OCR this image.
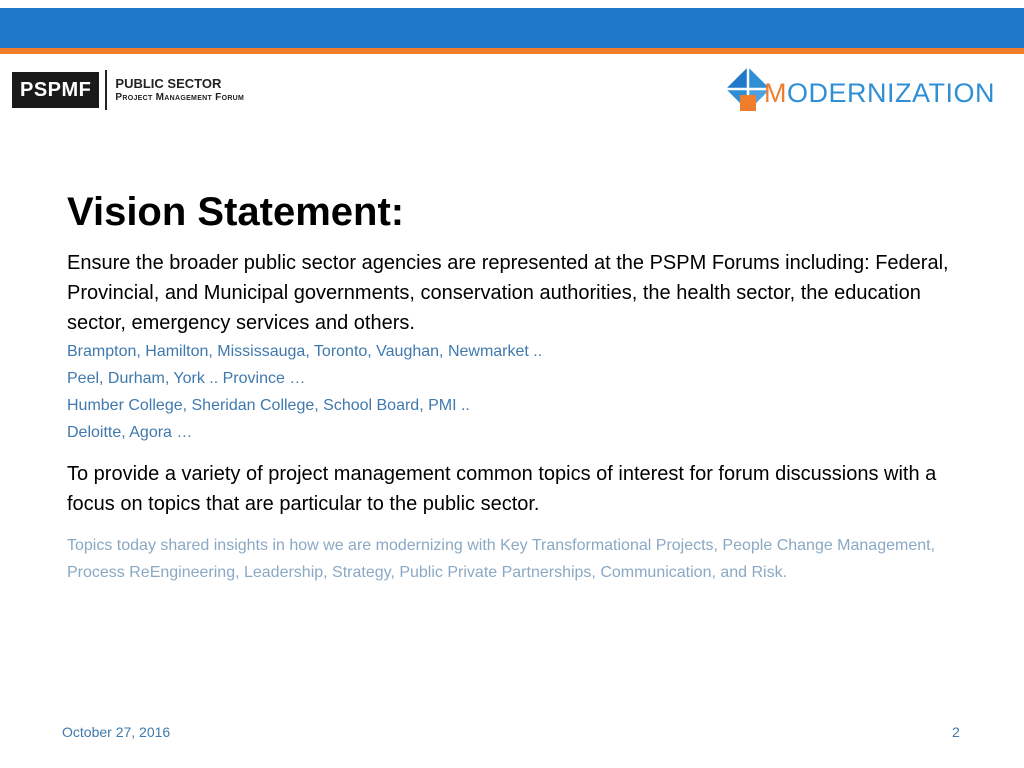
PSPMF	PUBLIC SECTOR
Project Management Forum	MODERNIZATION
Vision Statement:
Ensure the broader public sector agencies are represented at the PSPM Forums including: Federal, Provincial, and Municipal governments, conservation authorities, the health sector, the education sector, emergency services and others.
Brampton, Hamilton, Mississauga, Toronto, Vaughan, Newmarket ..
Peel, Durham, York .. Province …
Humber College, Sheridan College, School Board, PMI ..
Deloitte, Agora …
To provide a variety of project management common topics of interest for forum discussions with a focus on topics that are particular to the public sector.
Topics today shared insights in how we are modernizing with Key Transformational Projects, People Change Management, Process ReEngineering, Leadership, Strategy, Public Private Partnerships, Communication, and Risk.
October 27, 2016	2
